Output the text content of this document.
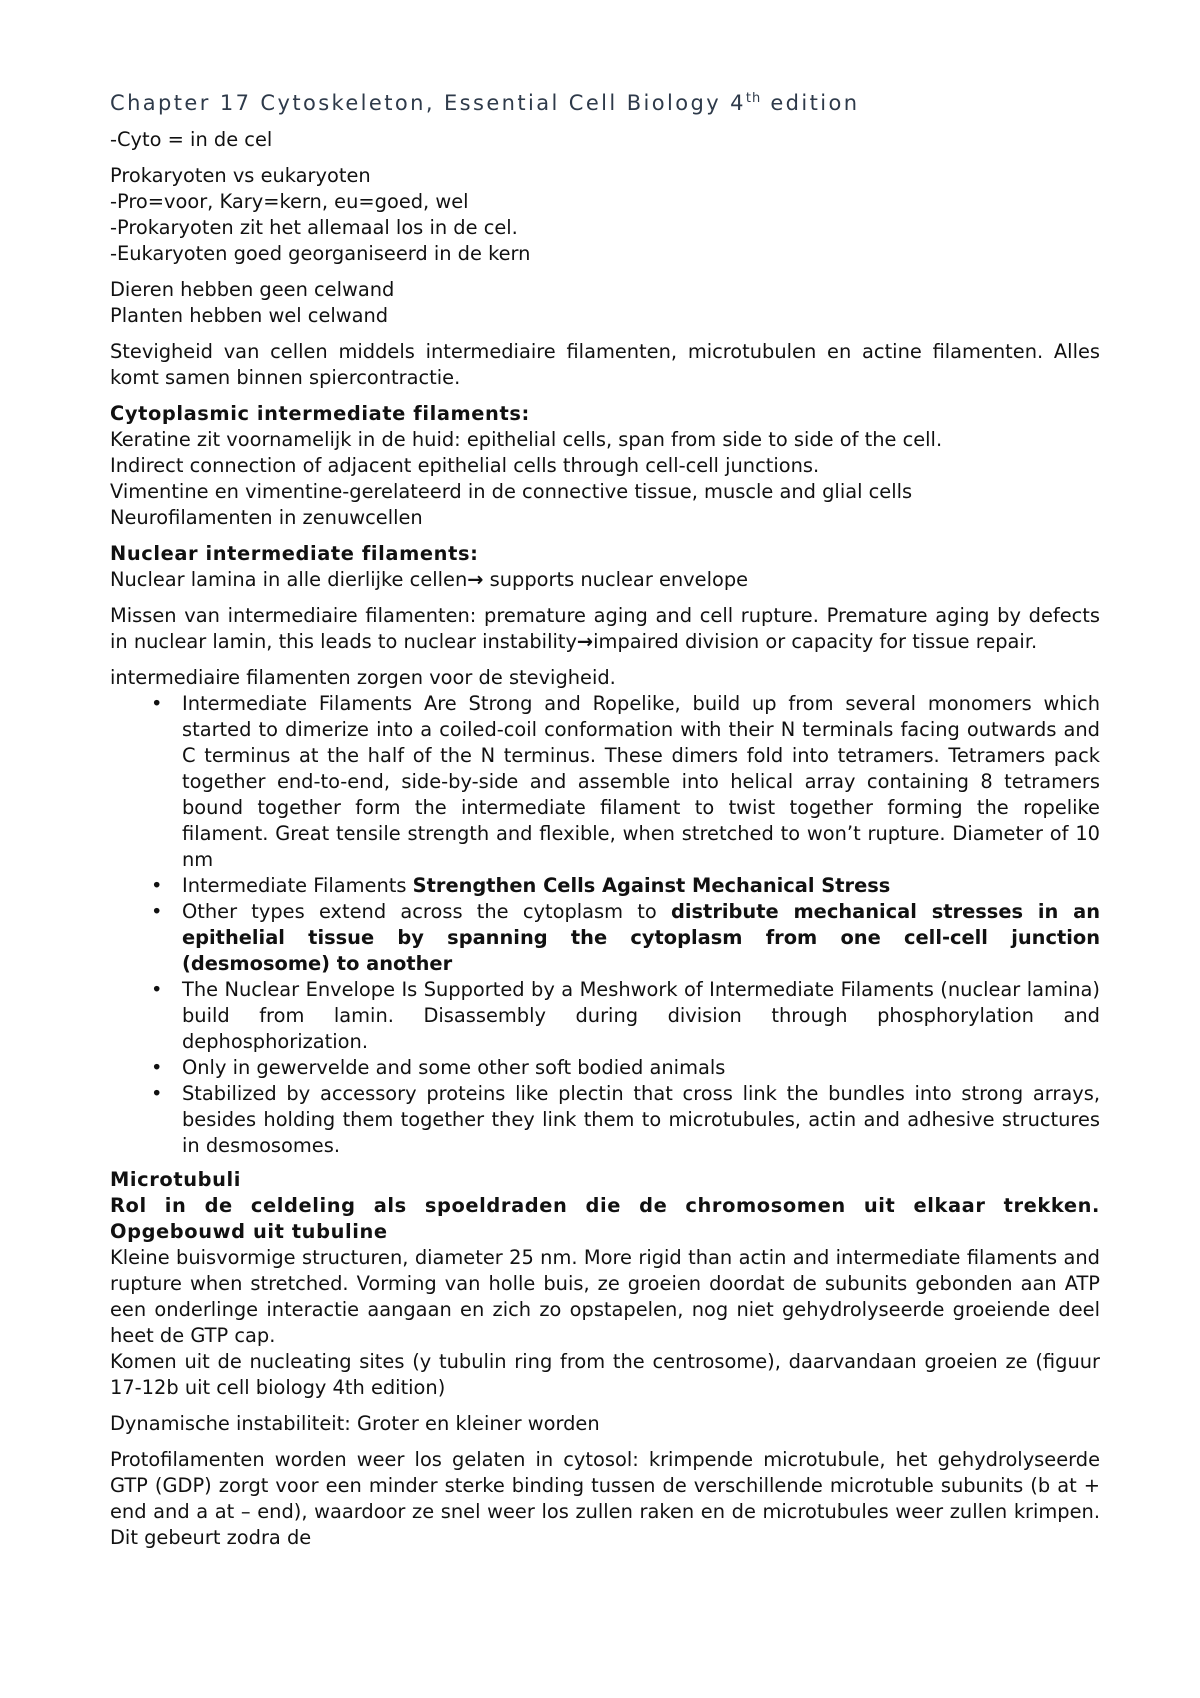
Chapter 17 Cytoskeleton, Essential Cell Biology 4th edition

-Cyto = in de cel

Prokaryoten vs eukaryoten
-Pro=voor, Kary=kern, eu=goed, wel
-Prokaryoten zit het allemaal los in de cel.
-Eukaryoten goed georganiseerd in de kern

Dieren hebben geen celwand
Planten hebben wel celwand

Stevigheid van cellen middels intermediaire filamenten, microtubulen en actine filamenten. Alles komt samen binnen spiercontractie.

Cytoplasmic intermediate filaments:
Keratine zit voornamelijk in de huid: epithelial cells, span from side to side of the cell.
Indirect connection of adjacent epithelial cells through cell-cell junctions.
Vimentine en vimentine-gerelateerd in de connective tissue, muscle and glial cells
Neurofilamenten in zenuwcellen

Nuclear intermediate filaments:
Nuclear lamina in alle dierlijke cellen→ supports nuclear envelope

Missen van intermediaire filamenten: premature aging and cell rupture. Premature aging by defects in nuclear lamin, this leads to nuclear instability→impaired division or capacity for tissue repair.

intermediaire filamenten zorgen voor de stevigheid.

• Intermediate Filaments Are Strong and Ropelike, build up from several monomers which started to dimerize into a coiled-coil conformation with their N terminals facing outwards and C terminus at the half of the N terminus. These dimers fold into tetramers. Tetramers pack together end-to-end, side-by-side and assemble into helical array containing 8 tetramers bound together form the intermediate filament to twist together forming the ropelike filament. Great tensile strength and flexible, when stretched to won’t rupture. Diameter of 10 nm
• Intermediate Filaments Strengthen Cells Against Mechanical Stress
• Other types extend across the cytoplasm to distribute mechanical stresses in an epithelial tissue by spanning the cytoplasm from one cell-cell junction (desmosome) to another
• The Nuclear Envelope Is Supported by a Meshwork of Intermediate Filaments (nuclear lamina) build from lamin. Disassembly during division through phosphorylation and dephosphorization.
• Only in gewervelde and some other soft bodied animals
• Stabilized by accessory proteins like plectin that cross link the bundles into strong arrays, besides holding them together they link them to microtubules, actin and adhesive structures in desmosomes.

Microtubuli
Rol in de celdeling als spoeldraden die de chromosomen uit elkaar trekken. Opgebouwd uit tubuline
Kleine buisvormige structuren, diameter 25 nm. More rigid than actin and intermediate filaments and rupture when stretched. Vorming van holle buis, ze groeien doordat de subunits gebonden aan ATP een onderlinge interactie aangaan en zich zo opstapelen, nog niet gehydrolyseerde groeiende deel heet de GTP cap.
Komen uit de nucleating sites (y tubulin ring from the centrosome), daarvandaan groeien ze (figuur 17-12b uit cell biology 4th edition)

Dynamische instabiliteit: Groter en kleiner worden

Protofilamenten worden weer los gelaten in cytosol: krimpende microtubule, het gehydrolyseerde GTP (GDP) zorgt voor een minder sterke binding tussen de verschillende microtuble subunits (b at + end and a at – end), waardoor ze snel weer los zullen raken en de microtubules weer zullen krimpen. Dit gebeurt zodra de
